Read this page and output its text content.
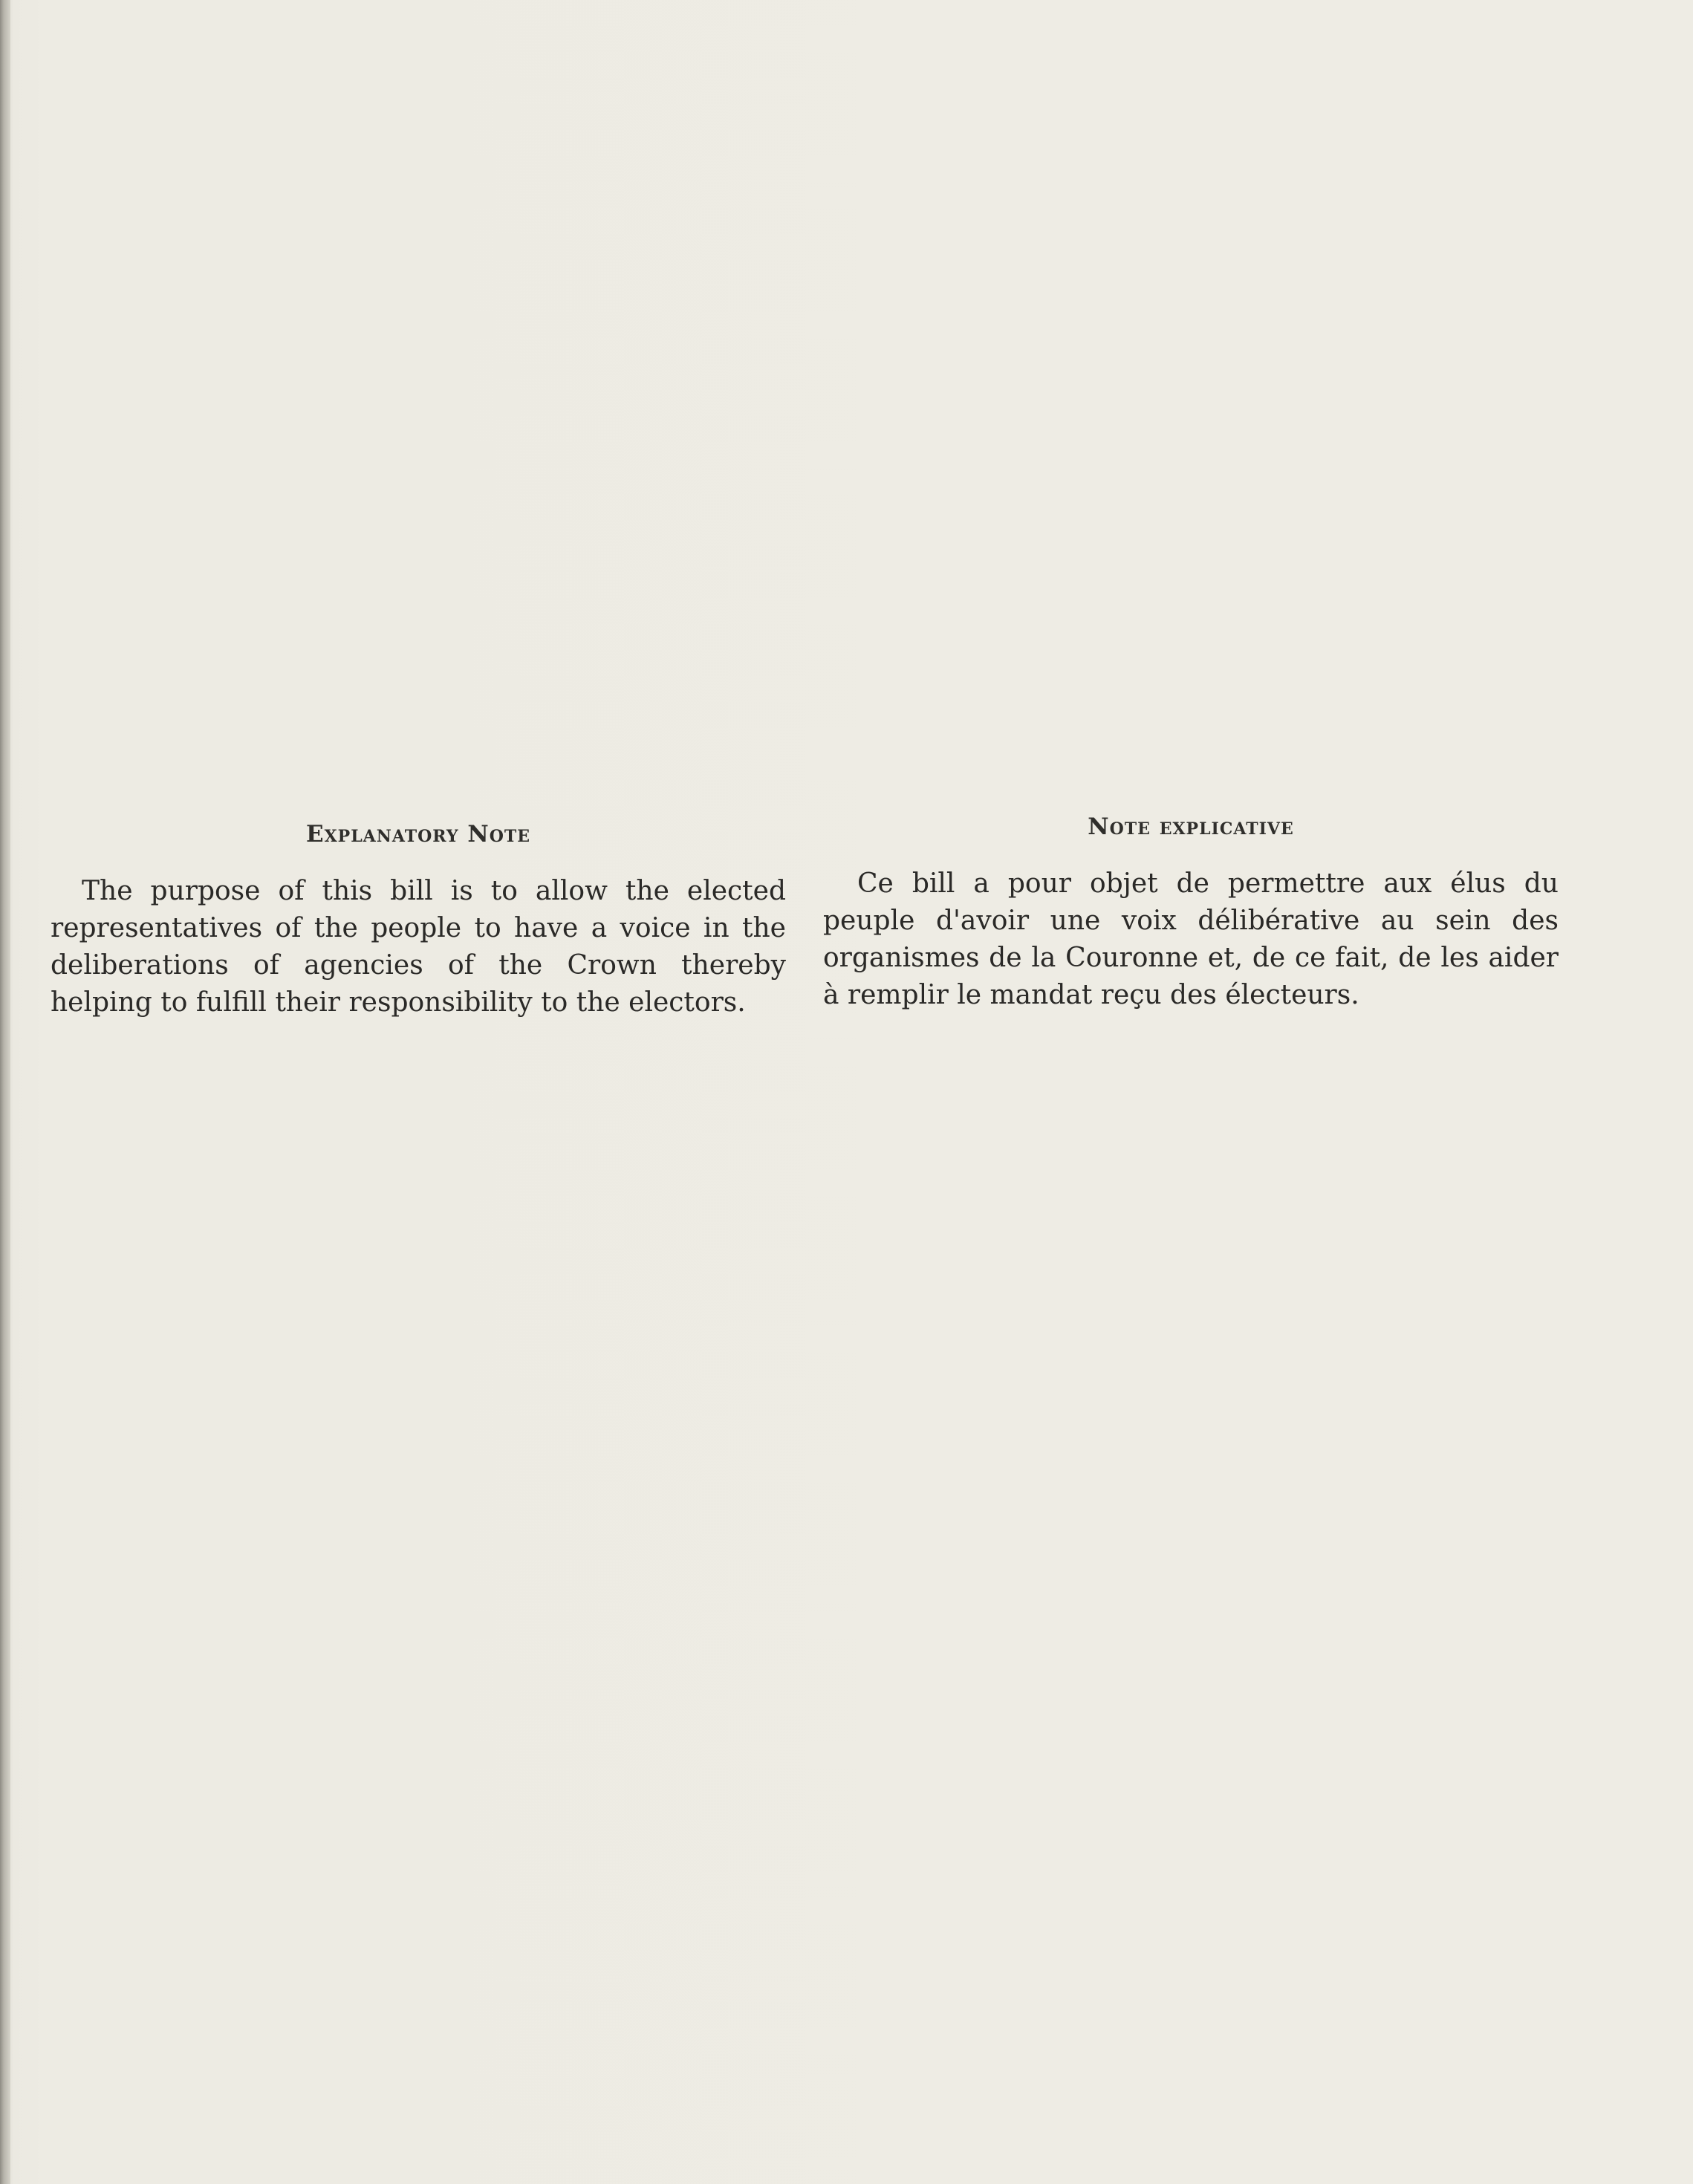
Explanatory Note

The purpose of this bill is to allow the elected representatives of the people to have a voice in the deliberations of agencies of the Crown thereby helping to fulfill their responsibility to the electors.

Note explicative

Ce bill a pour objet de permettre aux élus du peuple d'avoir une voix délibérative au sein des organismes de la Couronne et, de ce fait, de les aider à remplir le mandat reçu des électeurs.
